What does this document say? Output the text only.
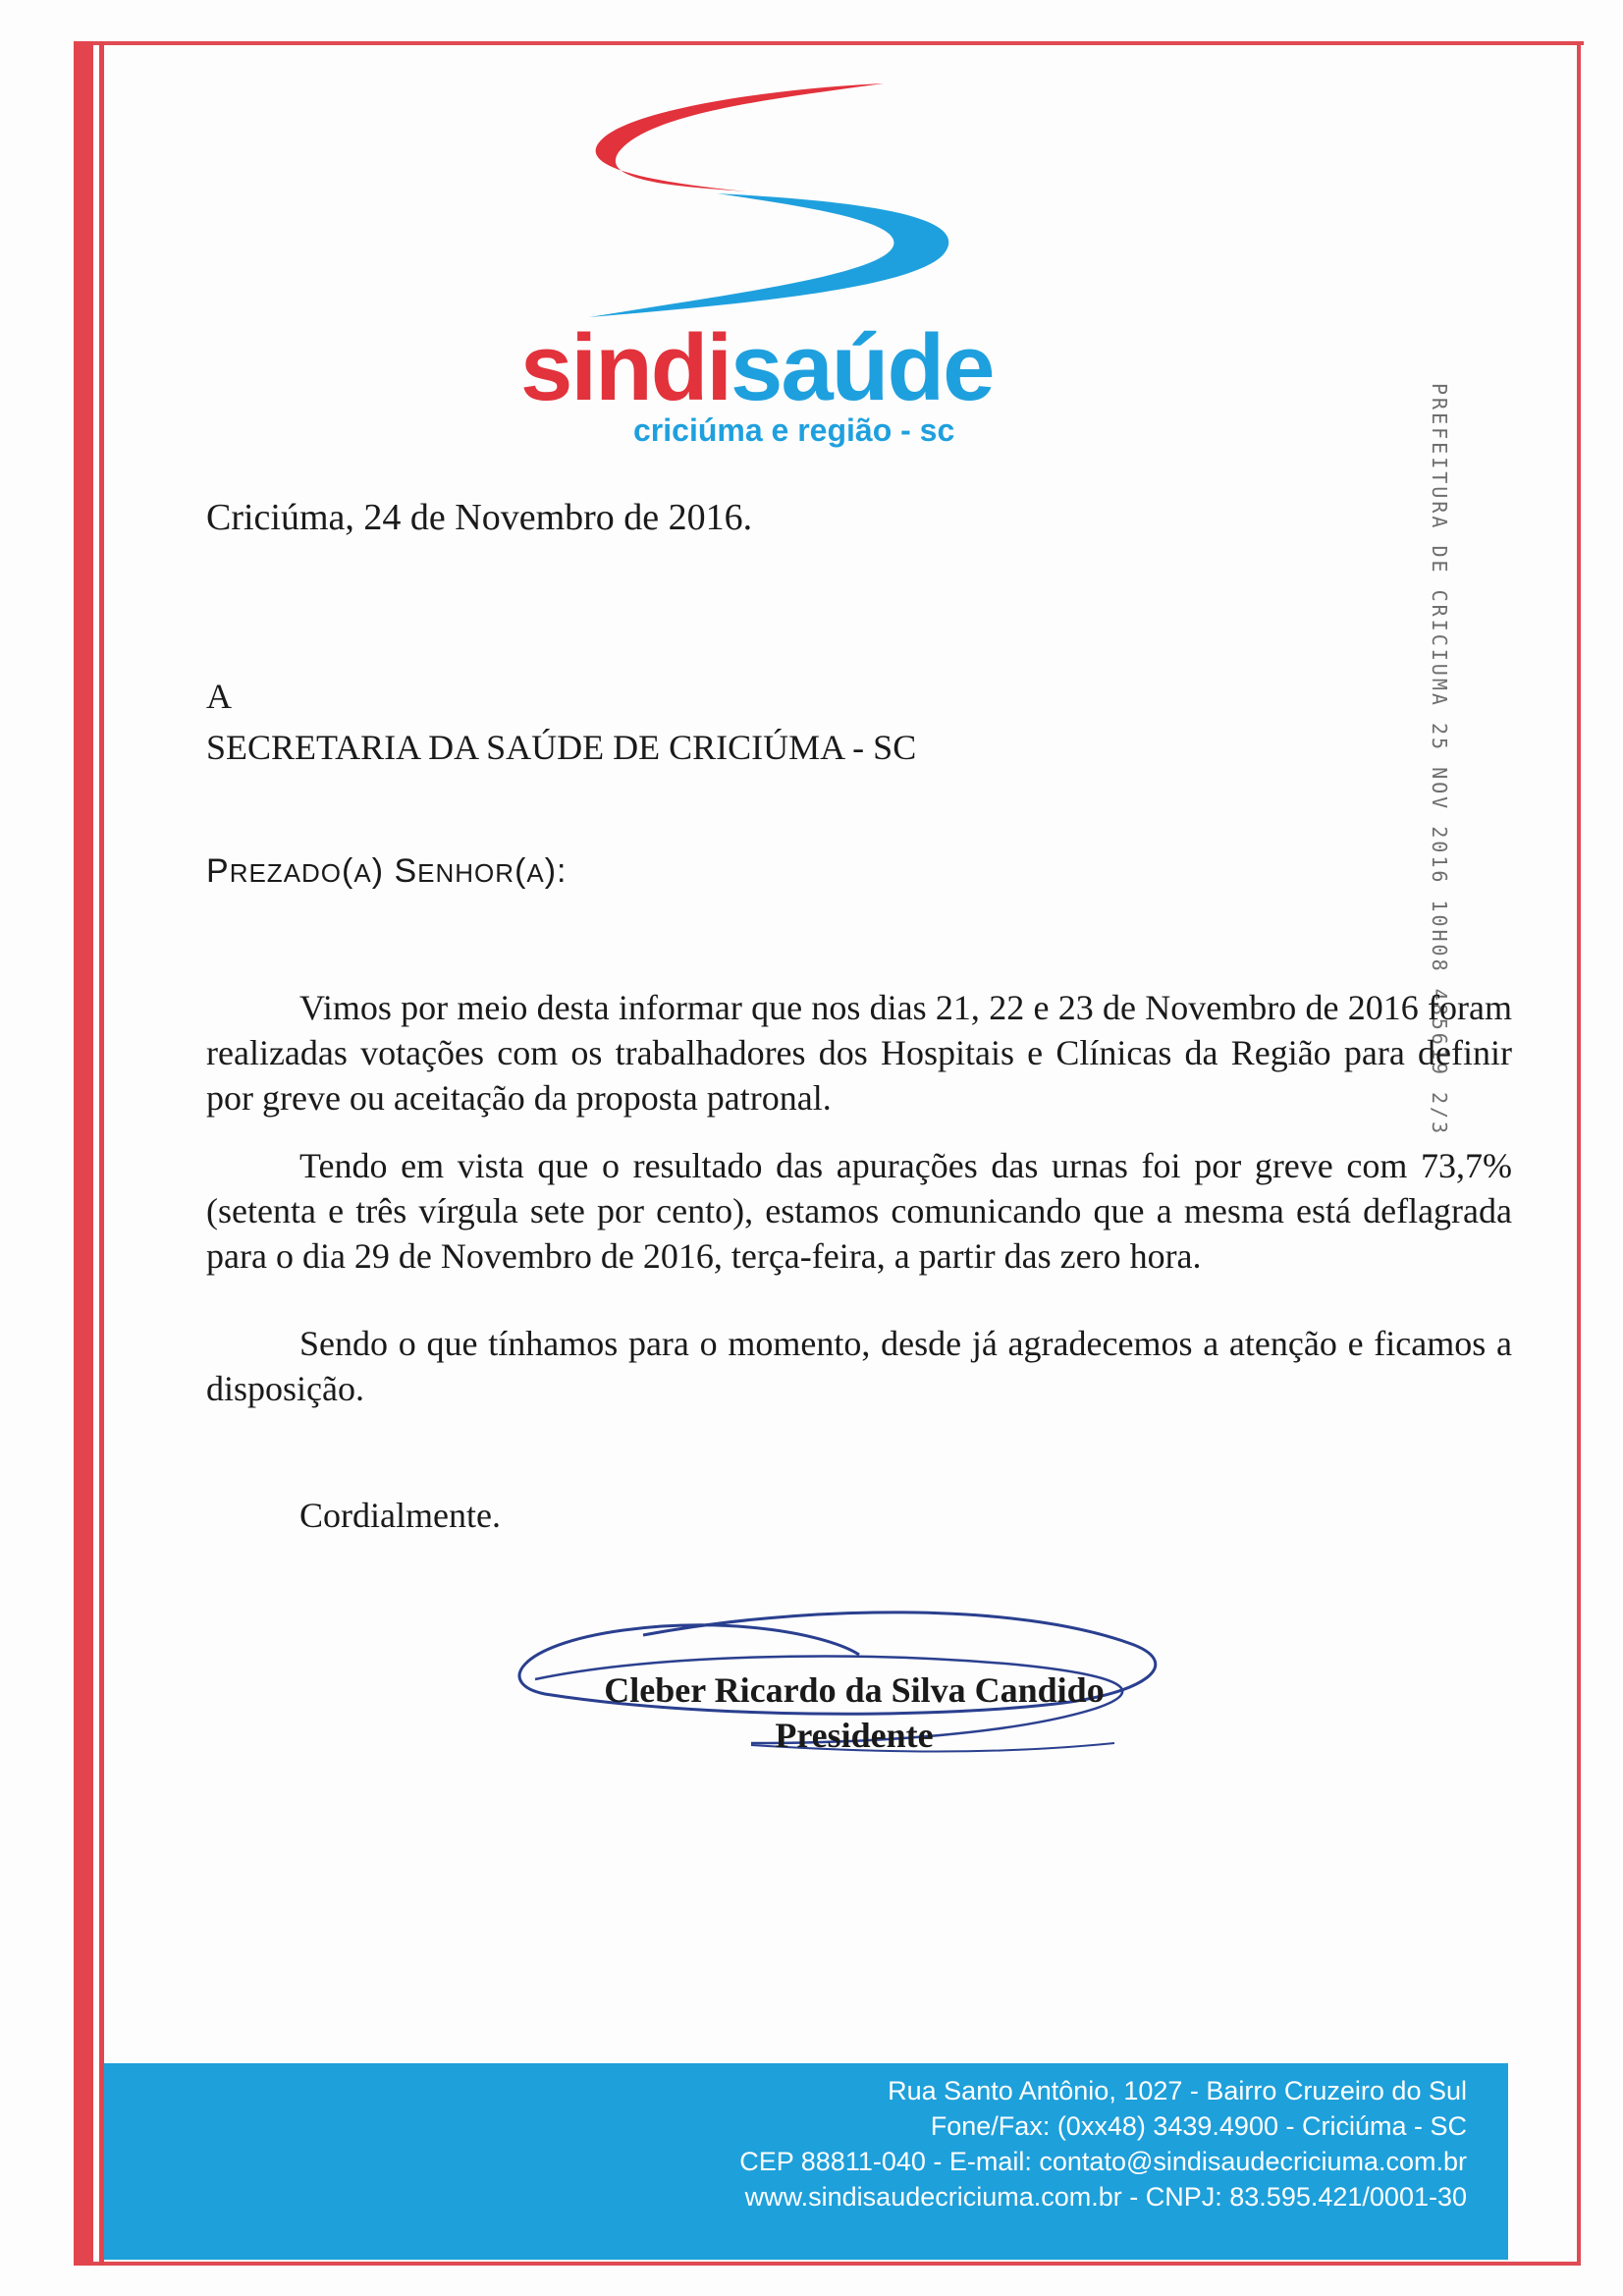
sindisaúde
criciúma e região - sc	PREFEITURA DE CRICIUMA 25 NOV 2016 10H08 485619 2/3
Criciúma, 24 de Novembro de 2016.
A
SECRETARIA DA SAÚDE DE CRICIÚMA - SC
PREZADO(A) SENHOR(A):
Vimos por meio desta informar que nos dias 21, 22 e 23 de Novembro de 2016 foram realizadas votações com os trabalhadores dos Hospitais e Clínicas da Região para definir por greve ou aceitação da proposta patronal.
Tendo em vista que o resultado das apurações das urnas foi por greve com 73,7% (setenta e três vírgula sete por cento), estamos comunicando que a mesma está deflagrada para o dia 29 de Novembro de 2016, terça-feira, a partir das zero hora.
Sendo o que tínhamos para o momento, desde já agradecemos a atenção e ficamos a disposição.
Cordialmente.
Cleber Ricardo da Silva Candido
Presidente
Rua Santo Antônio, 1027 - Bairro Cruzeiro do Sul
Fone/Fax: (0xx48) 3439.4900 - Criciúma - SC
CEP 88811-040 - E-mail: contato@sindisaudecriciuma.com.br
www.sindisaudecriciuma.com.br - CNPJ: 83.595.421/0001-30
